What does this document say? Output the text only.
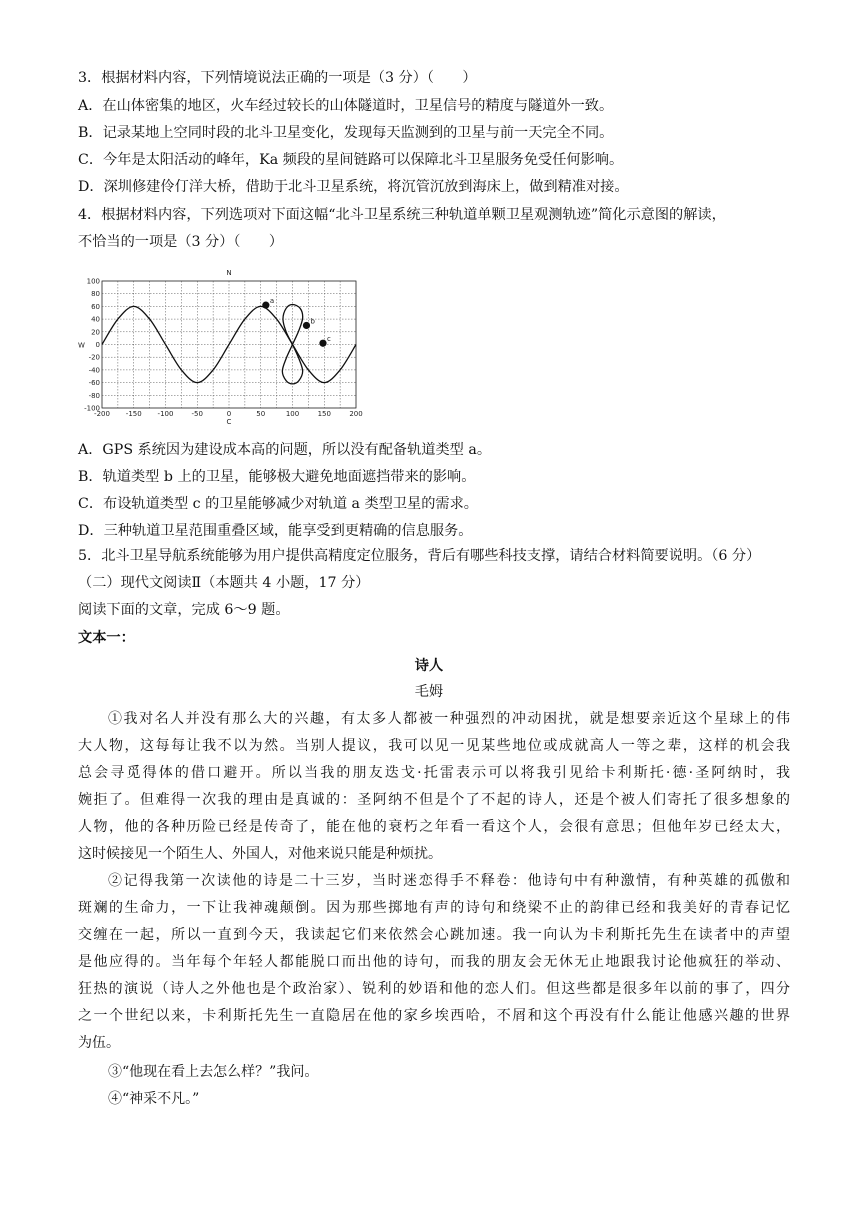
3．根据材料内容，下列情境说法正确的一项是（3 分）（　　）
A．在山体密集的地区，火车经过较长的山体隧道时，卫星信号的精度与隧道外一致。
B．记录某地上空同时段的北斗卫星变化，发现每天监测到的卫星与前一天完全不同。
C．今年是太阳活动的峰年，Ka 频段的星间链路可以保障北斗卫星服务免受任何影响。
D．深圳修建伶仃洋大桥，借助于北斗卫星系统，将沉管沉放到海床上，做到精准对接。
4．根据材料内容，下列选项对下面这幅“北斗卫星系统三种轨道单颗卫星观测轨迹”简化示意图的解读，
不恰当的一项是（3 分）（　　）
-200 -150 -100	-50	0	50	100	150	200
100
80
60
40
20
0
-20
-40
-60
-80
-100
N
C
W
a
b
c
A．GPS 系统因为建设成本高的问题，所以没有配备轨道类型 a。
B．轨道类型 b 上的卫星，能够极大避免地面遮挡带来的影响。
C．布设轨道类型 c 的卫星能够减少对轨道 a 类型卫星的需求。
D．三种轨道卫星范围重叠区域，能享受到更精确的信息服务。
5．北斗卫星导航系统能够为用户提供高精度定位服务，背后有哪些科技支撑，请结合材料简要说明。（6 分）
（二）现代文阅读Ⅱ（本题共 4 小题，17 分）
阅读下面的文章，完成 6～9 题。
文本一：
诗人
毛姆
①我对名人并没有那么大的兴趣，有太多人都被一种强烈的冲动困扰，就是想要亲近这个星球上的伟
大人物，这每每让我不以为然。当别人提议，我可以见一见某些地位或成就高人一等之辈，这样的机会我
总会寻觅得体的借口避开。所以当我的朋友迭戈·托雷表示可以将我引见给卡利斯托·德·圣阿纳时，我
婉拒了。但难得一次我的理由是真诚的：圣阿纳不但是个了不起的诗人，还是个被人们寄托了很多想象的
人物，他的各种历险已经是传奇了，能在他的衰朽之年看一看这个人，会很有意思；但他年岁已经太大，
这时候接见一个陌生人、外国人，对他来说只能是种烦扰。
②记得我第一次读他的诗是二十三岁，当时迷恋得手不释卷：他诗句中有种激情，有种英雄的孤傲和
斑斓的生命力，一下让我神魂颠倒。因为那些掷地有声的诗句和绕梁不止的韵律已经和我美好的青春记忆
交缠在一起，所以一直到今天，我读起它们来依然会心跳加速。我一向认为卡利斯托先生在读者中的声望
是他应得的。当年每个年轻人都能脱口而出他的诗句，而我的朋友会无休无止地跟我讨论他疯狂的举动、
狂热的演说（诗人之外他也是个政治家）、锐利的妙语和他的恋人们。但这些都是很多年以前的事了，四分
之一个世纪以来，卡利斯托先生一直隐居在他的家乡埃西哈，不屑和这个再没有什么能让他感兴趣的世界
为伍。
③“他现在看上去怎么样？”我问。
④“神采不凡。”
